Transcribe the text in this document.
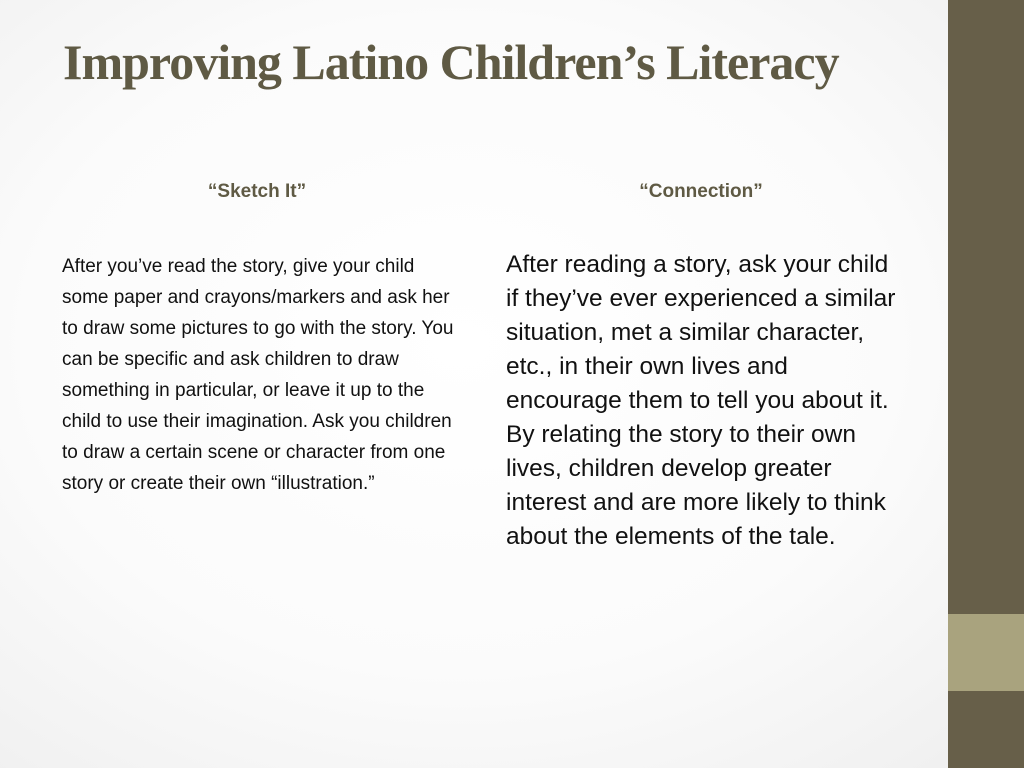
Improving Latino Children’s Literacy
“Sketch It”

After you’ve read the story, give your child some paper and crayons/markers and ask her to draw some pictures to go with the story. You can be specific and ask children to draw something in particular, or leave it up to the child to use their imagination. Ask you children to draw a certain scene or character from one story or create their own “illustration.”

“Connection”

After reading a story, ask your child if they’ve ever experienced a similar situation, met a similar character, etc., in their own lives and encourage them to tell you about it. By relating the story to their own lives, children develop greater interest and are more likely to think about the elements of the tale.
